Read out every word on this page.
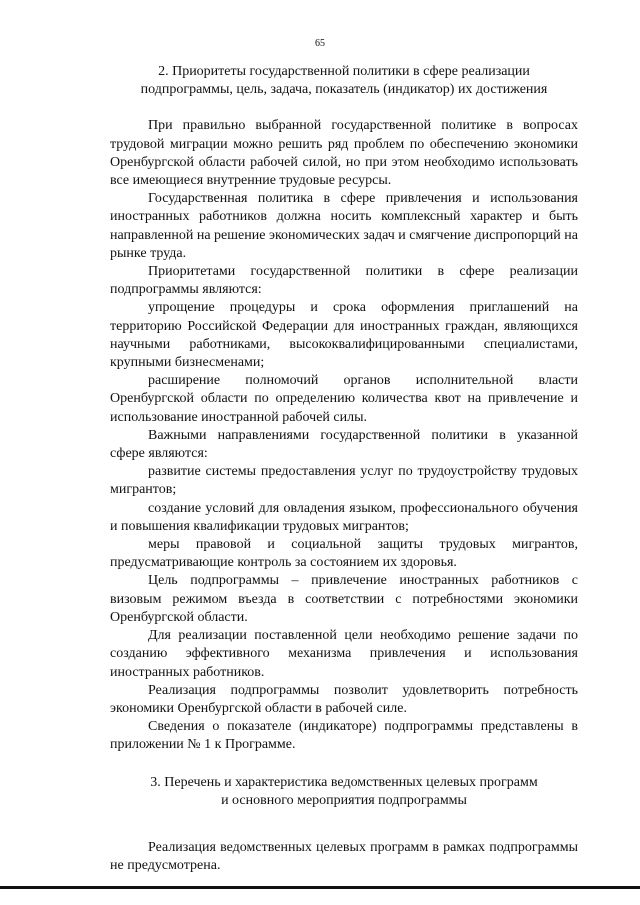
65
2. Приоритеты государственной политики в сфере реализации
подпрограммы, цель, задача, показатель (индикатор) их достижения

При правильно выбранной государственной политике в вопросах трудовой миграции можно решить ряд проблем по обеспечению экономики Оренбургской области рабочей силой, но при этом необходимо использовать все имеющиеся внутренние трудовые ресурсы.

Государственная политика в сфере привлечения и использования иностранных работников должна носить комплексный характер и быть направленной на решение экономических задач и смягчение диспропорций на рынке труда.

Приоритетами государственной политики в сфере реализации подпрограммы являются:

упрощение процедуры и срока оформления приглашений на территорию Российской Федерации для иностранных граждан, являющихся научными работниками, высококвалифицированными специалистами, крупными бизнесменами;

расширение полномочий органов исполнительной власти Оренбургской области по определению количества квот на привлечение и использование иностранной рабочей силы.

Важными направлениями государственной политики в указанной сфере являются:

развитие системы предоставления услуг по трудоустройству трудовых мигрантов;

создание условий для овладения языком, профессионального обучения и повышения квалификации трудовых мигрантов;

меры правовой и социальной защиты трудовых мигрантов, предусматривающие контроль за состоянием их здоровья.

Цель подпрограммы – привлечение иностранных работников с визовым режимом въезда в соответствии с потребностями экономики Оренбургской области.

Для реализации поставленной цели необходимо решение задачи по созданию эффективного механизма привлечения и использования иностранных работников.

Реализация подпрограммы позволит удовлетворить потребность экономики Оренбургской области в рабочей силе.

Сведения о показателе (индикаторе) подпрограммы представлены в приложении № 1 к Программе.

3. Перечень и характеристика ведомственных целевых программ
и основного мероприятия подпрограммы

Реализация ведомственных целевых программ в рамках подпрограммы не предусмотрена.
